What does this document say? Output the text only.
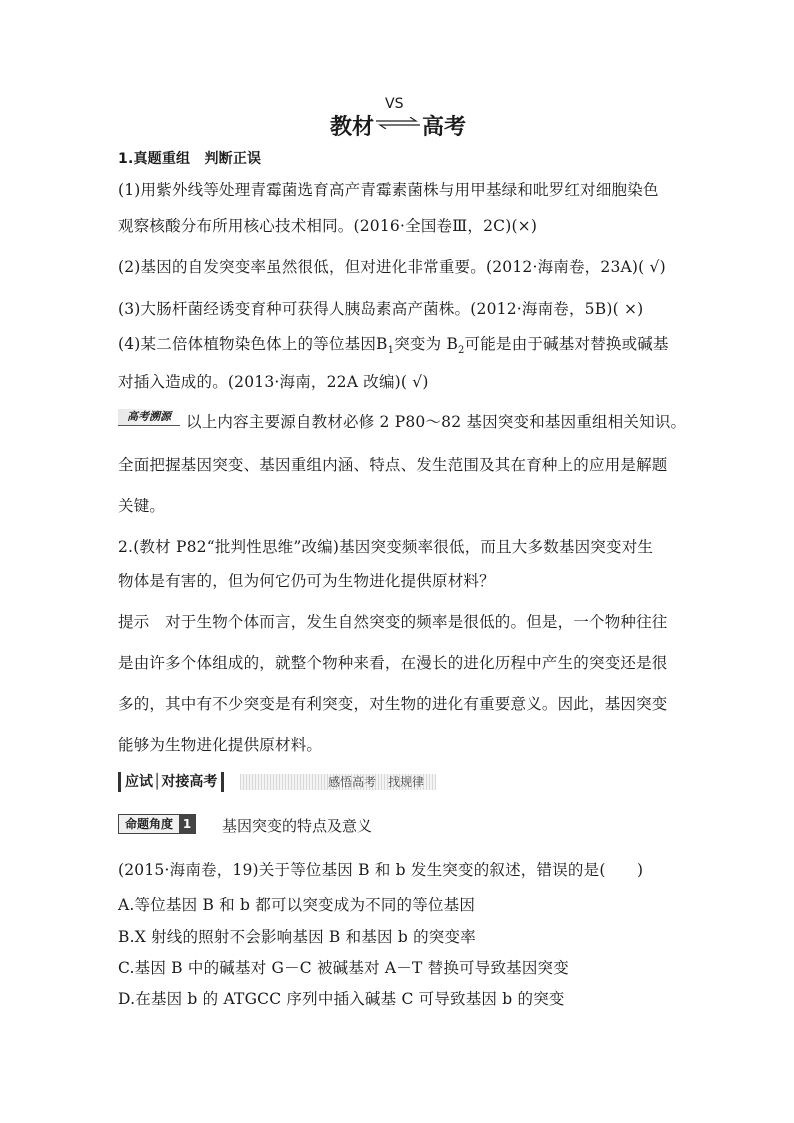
教材
VS
高考
1.真题重组　判断正误
(1)用紫外线等处理青霉菌选育高产青霉素菌株与用甲基绿和吡罗红对细胞染色
观察核酸分布所用核心技术相同。(2016·全国卷Ⅲ，2C)(×)
(2)基因的自发突变率虽然很低，但对进化非常重要。(2012·海南卷，23A)( √)
(3)大肠杆菌经诱变育种可获得人胰岛素高产菌株。(2012·海南卷，5B)( ×)
(4)某二倍体植物染色体上的等位基因$B_1$突变为 $B_2$可能是由于碱基对替换或碱基
对插入造成的。(2013·海南，22A 改编)( √)
高考溯源 以上内容主要源自教材必修 2 P80～82 基因突变和基因重组相关知识。
全面把握基因突变、基因重组内涵、特点、发生范围及其在育种上的应用是解题
关键。
2.(教材 P82“批判性思维”改编)基因突变频率很低，而且大多数基因突变对生
物体是有害的，但为何它仍可为生物进化提供原材料？
提示　对于生物个体而言，发生自然突变的频率是很低的。但是，一个物种往往
是由许多个体组成的，就整个物种来看，在漫长的进化历程中产生的突变还是很
多的，其中有不少突变是有利突变，对生物的进化有重要意义。因此，基因突变
能够为生物进化提供原材料。
应试│对接高考	感悟高考　找规律
命题角度 1 基因突变的特点及意义
(2015·海南卷，19)关于等位基因 B 和 b 发生突变的叙述，错误的是(　　)
A.等位基因 B 和 b 都可以突变成为不同的等位基因
B.X 射线的照射不会影响基因 B 和基因 b 的突变率
C.基因 B 中的碱基对 G－C 被碱基对 A－T 替换可导致基因突变
D.在基因 b 的 ATGCC 序列中插入碱基 C 可导致基因 b 的突变
